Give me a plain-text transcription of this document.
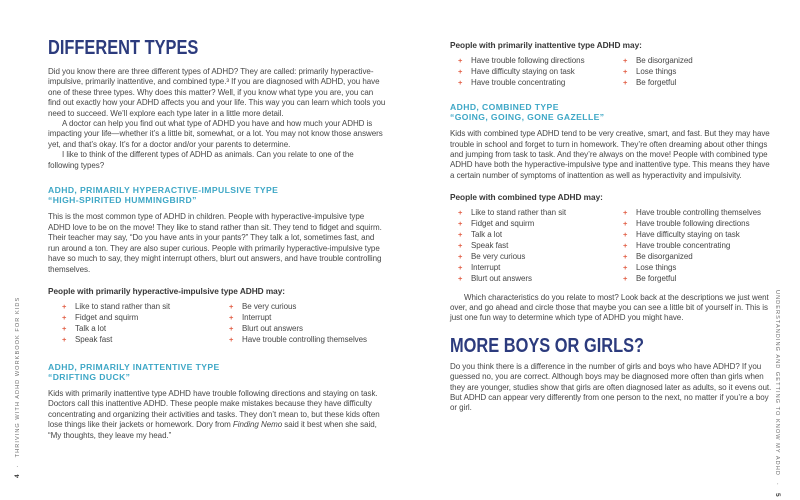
DIFFERENT TYPES

Did you know there are three different types of ADHD? They are called: primarily hyperactive-impulsive, primarily inattentive, and combined type.³ If you are diagnosed with ADHD, you have one of these three types. Why does this matter? Well, if you know what type you are, you can find out exactly how your ADHD affects you and your life. This way you can learn which tools you need to succeed. We’ll explore each type later in a little more detail.

A doctor can help you find out what type of ADHD you have and how much your ADHD is impacting your life—whether it’s a little bit, somewhat, or a lot. You may not know those answers yet, and that’s okay. It’s for a doctor and/or your parents to determine.

I like to think of the different types of ADHD as animals. Can you relate to one of the following types?

ADHD, PRIMARILY HYPERACTIVE-IMPULSIVE TYPE
“HIGH-SPIRITED HUMMINGBIRD”

This is the most common type of ADHD in children. People with hyperactive-impulsive type ADHD love to be on the move! They like to stand rather than sit. They tend to fidget and squirm. Their teacher may say, “Do you have ants in your pants?” They talk a lot, sometimes fast, and run around a ton. They are also super curious. People with primarily hyperactive-impulsive type have so much to say, they might interrupt others, blurt out answers, and have trouble controlling themselves.

People with primarily hyperactive-impulsive type ADHD may:

+	Like to stand rather than sit
+	Fidget and squirm
+	Talk a lot
+	Speak fast
+	Be very curious
+	Interrupt
+	Blurt out answers
+	Have trouble controlling themselves
ADHD, PRIMARILY INATTENTIVE TYPE
“DRIFTING DUCK”

Kids with primarily inattentive type ADHD have trouble following directions and staying on task. Doctors call this inattentive ADHD. These people make mistakes because they have difficulty concentrating and organizing their activities and tasks. They don’t mean to, but these kids often lose things like their jackets or homework. Dory from Finding Nemo said it best when she said, “My thoughts, they leave my head.”

People with primarily inattentive type ADHD may:

+	Have trouble following directions
+	Have difficulty staying on task
+	Have trouble concentrating
+	Be disorganized
+	Lose things
+	Be forgetful
ADHD, COMBINED TYPE
“GOING, GOING, GONE GAZELLE”

Kids with combined type ADHD tend to be very creative, smart, and fast. But they may have trouble in school and forget to turn in homework. They’re often dreaming about other things and jumping from task to task. And they’re always on the move! People with combined type ADHD have both the hyperactive-impulsive type and inattentive type. This means they have a certain number of symptoms of inattention as well as hyperactivity and impulsivity.

People with combined type ADHD may:

+	Like to stand rather than sit
+	Fidget and squirm
+	Talk a lot
+	Speak fast
+	Be very curious
+	Interrupt
+	Blurt out answers
+	Have trouble controlling themselves
+	Have trouble following directions
+	Have difficulty staying on task
+	Have trouble concentrating
+	Be disorganized
+	Lose things
+	Be forgetful

Which characteristics do you relate to most? Look back at the descriptions we just went over, and go ahead and circle those that maybe you can see a little bit of yourself in. This is just one fun way to determine which type of ADHD you might have.

MORE BOYS OR GIRLS?

Do you think there is a difference in the number of girls and boys who have ADHD? If you guessed no, you are correct. Although boys may be diagnosed more often than girls when they are younger, studies show that girls are often diagnosed later as adults, so it evens out. But ADHD can appear very differently from one person to the next, no matter if you’re a boy or girl.

4
·
THRIVING WITH ADHD WORKBOOK FOR KIDS	UNDERSTANDING AND GETTING TO KNOW MY ADHD
·
5
